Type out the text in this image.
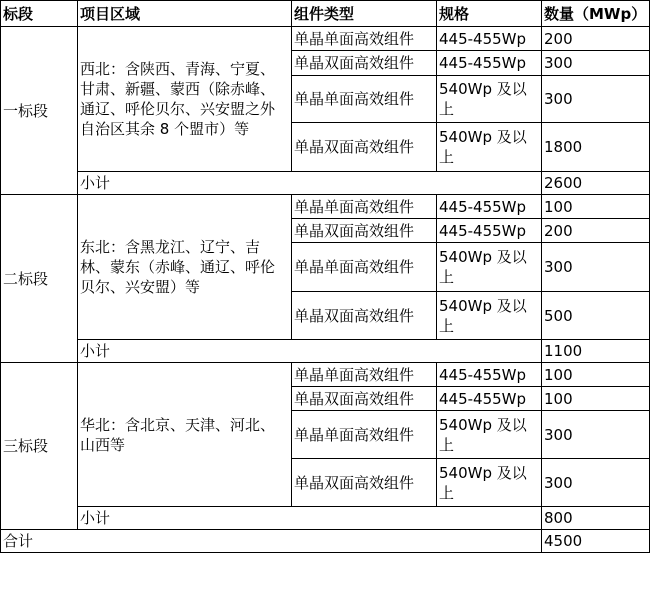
标段	项目区域	组件类型	规格	数量（MWp）
一标段	西北：含陕西、青海、宁夏、甘肃、新疆、蒙西（除赤峰、通辽、呼伦贝尔、兴安盟之外自治区其余 8 个盟市）等	单晶单面高效组件	445-455Wp	200
		单晶双面高效组件	445-455Wp	300
		单晶单面高效组件	540Wp 及以上	300
		单晶双面高效组件	540Wp 及以上	1800
	小计			2600
二标段	东北：含黑龙江、辽宁、吉林、蒙东（赤峰、通辽、呼伦贝尔、兴安盟）等	单晶单面高效组件	445-455Wp	100
		单晶双面高效组件	445-455Wp	200
		单晶单面高效组件	540Wp 及以上	300
		单晶双面高效组件	540Wp 及以上	500
	小计			1100
三标段	华北：含北京、天津、河北、山西等	单晶单面高效组件	445-455Wp	100
		单晶双面高效组件	445-455Wp	100
		单晶单面高效组件	540Wp 及以上	300
		单晶双面高效组件	540Wp 及以上	300
	小计			800
合计				4500
